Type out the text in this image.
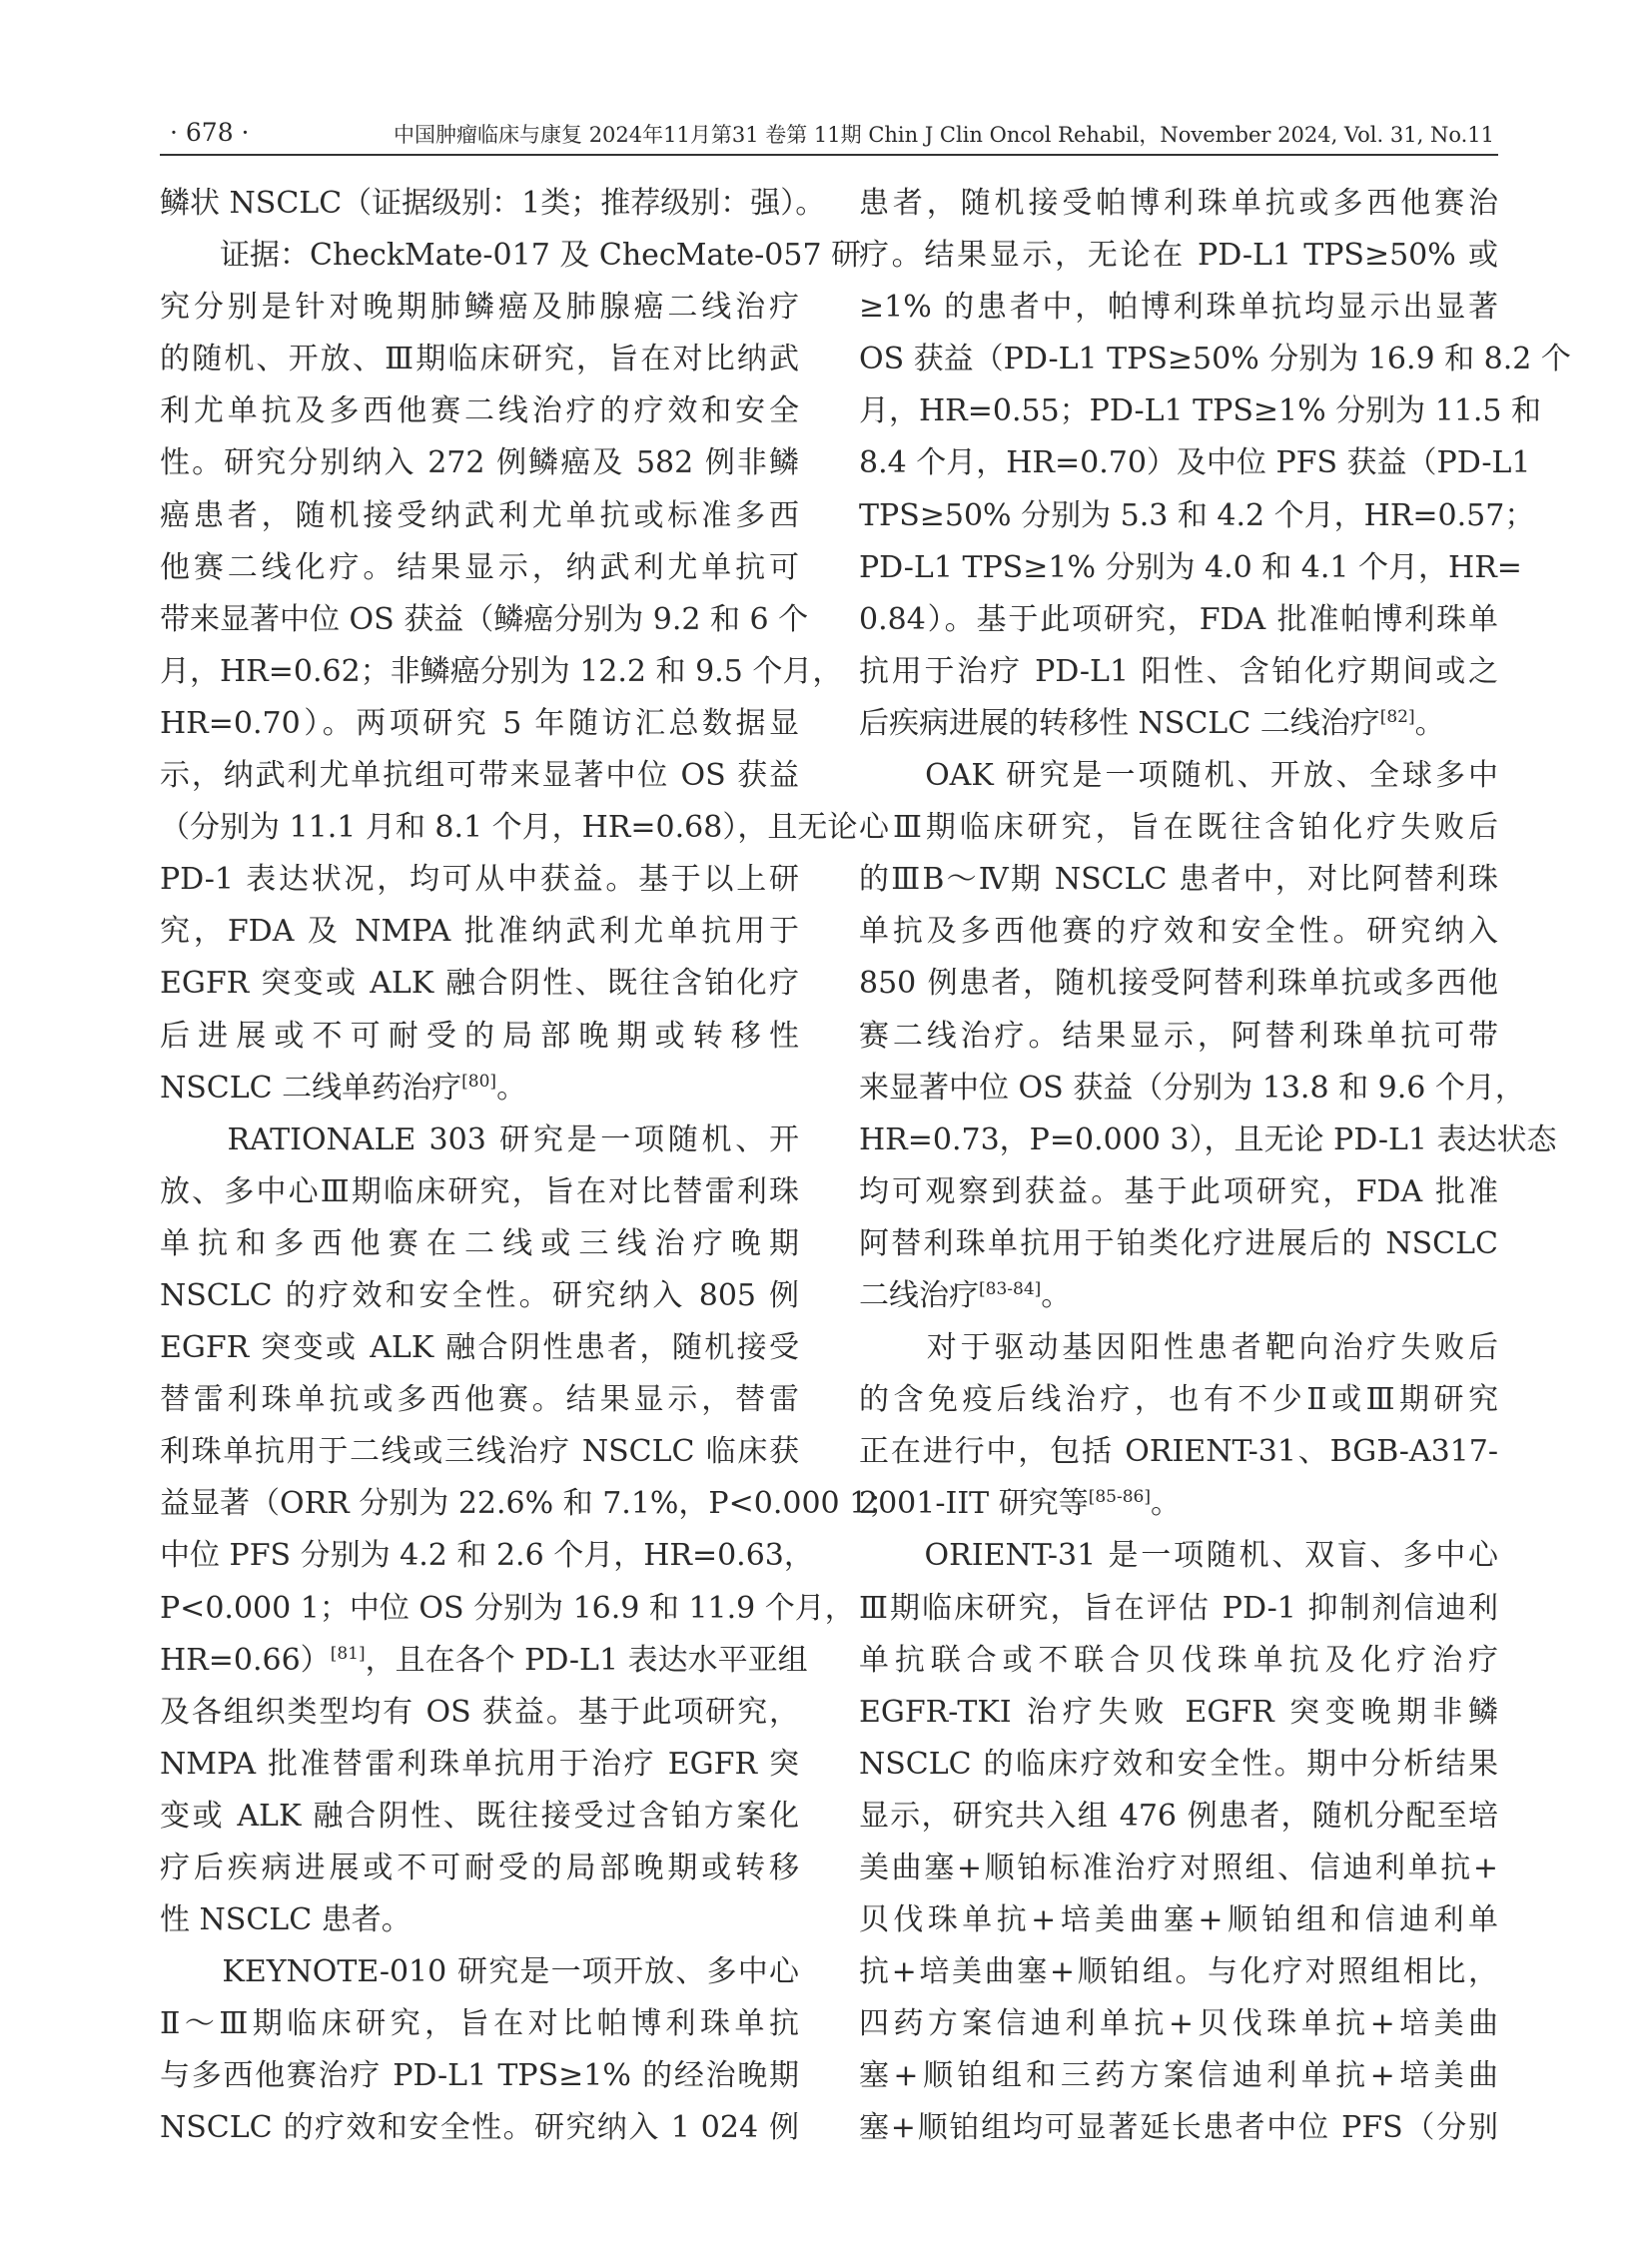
· 678 ·	中国肿瘤临床与康复 2024年11月第31 卷第 11期 Chin J Clin Oncol Rehabil，November 2024, Vol. 31, No.11
鳞状 NSCLC（证据级别：1类；推荐级别：强）。
　　证据：CheckMate-017 及 ChecMate-057 研
究分别是针对晚期肺鳞癌及肺腺癌二线治疗
的随机、开放、Ⅲ期临床研究，旨在对比纳武
利尤单抗及多西他赛二线治疗的疗效和安全
性。研究分别纳入 272 例鳞癌及 582 例非鳞
癌患者，随机接受纳武利尤单抗或标准多西
他赛二线化疗。结果显示，纳武利尤单抗可
带来显著中位 OS 获益（鳞癌分别为 9.2 和 6 个
月，HR=0.62；非鳞癌分别为 12.2 和 9.5 个月，
HR=0.70）。两项研究 5 年随访汇总数据显
示，纳武利尤单抗组可带来显著中位 OS 获益
（分别为 11.1 月和 8.1 个月，HR=0.68），且无论
PD-1 表达状况，均可从中获益。基于以上研
究，FDA 及 NMPA 批准纳武利尤单抗用于
EGFR 突变或 ALK 融合阴性、既往含铂化疗
后进展或不可耐受的局部晚期或转移性
NSCLC 二线单药治疗[80]。
　　RATIONALE 303 研究是一项随机、开
放、多中心Ⅲ期临床研究，旨在对比替雷利珠
单抗和多西他赛在二线或三线治疗晚期
NSCLC 的疗效和安全性。研究纳入 805 例
EGFR 突变或 ALK 融合阴性患者，随机接受
替雷利珠单抗或多西他赛。结果显示，替雷
利珠单抗用于二线或三线治疗 NSCLC 临床获
益显著（ORR 分别为 22.6% 和 7.1%，P<0.000 1；
中位 PFS 分别为 4.2 和 2.6 个月，HR=0.63，
P<0.000 1；中位 OS 分别为 16.9 和 11.9 个月，
HR=0.66）[81]，且在各个 PD-L1 表达水平亚组
及各组织类型均有 OS 获益。基于此项研究，
NMPA 批准替雷利珠单抗用于治疗 EGFR 突
变或 ALK 融合阴性、既往接受过含铂方案化
疗后疾病进展或不可耐受的局部晚期或转移
性 NSCLC 患者。
　　KEYNOTE-010 研究是一项开放、多中心
Ⅱ～Ⅲ期临床研究，旨在对比帕博利珠单抗
与多西他赛治疗 PD-L1 TPS≥1% 的经治晚期
NSCLC 的疗效和安全性。研究纳入 1 024 例
患者，随机接受帕博利珠单抗或多西他赛治
疗。结果显示，无论在 PD-L1 TPS≥50% 或
≥1% 的患者中，帕博利珠单抗均显示出显著
OS 获益（PD-L1 TPS≥50% 分别为 16.9 和 8.2 个
月，HR=0.55；PD-L1 TPS≥1% 分别为 11.5 和
8.4 个月，HR=0.70）及中位 PFS 获益（PD-L1
TPS≥50% 分别为 5.3 和 4.2 个月，HR=0.57；
PD-L1 TPS≥1% 分别为 4.0 和 4.1 个月，HR=
0.84）。基于此项研究，FDA 批准帕博利珠单
抗用于治疗 PD-L1 阳性、含铂化疗期间或之
后疾病进展的转移性 NSCLC 二线治疗[82]。
　　OAK 研究是一项随机、开放、全球多中
心Ⅲ期临床研究，旨在既往含铂化疗失败后
的ⅢB～Ⅳ期 NSCLC 患者中，对比阿替利珠
单抗及多西他赛的疗效和安全性。研究纳入
850 例患者，随机接受阿替利珠单抗或多西他
赛二线治疗。结果显示，阿替利珠单抗可带
来显著中位 OS 获益（分别为 13.8 和 9.6 个月，
HR=0.73，P=0.000 3），且无论 PD-L1 表达状态
均可观察到获益。基于此项研究，FDA 批准
阿替利珠单抗用于铂类化疗进展后的 NSCLC
二线治疗[83-84]。
　　对于驱动基因阳性患者靶向治疗失败后
的含免疫后线治疗，也有不少Ⅱ或Ⅲ期研究
正在进行中，包括 ORIENT-31、BGB-A317-
2001-IIT 研究等[85-86]。
　　ORIENT-31 是一项随机、双盲、多中心
Ⅲ期临床研究，旨在评估 PD-1 抑制剂信迪利
单抗联合或不联合贝伐珠单抗及化疗治疗
EGFR-TKI 治疗失败 EGFR 突变晚期非鳞
NSCLC 的临床疗效和安全性。期中分析结果
显示，研究共入组 476 例患者，随机分配至培
美曲塞+顺铂标准治疗对照组、信迪利单抗+
贝伐珠单抗+培美曲塞+顺铂组和信迪利单
抗+培美曲塞+顺铂组。与化疗对照组相比，
四药方案信迪利单抗+贝伐珠单抗+培美曲
塞+顺铂组和三药方案信迪利单抗+培美曲
塞+顺铂组均可显著延长患者中位 PFS（分别
